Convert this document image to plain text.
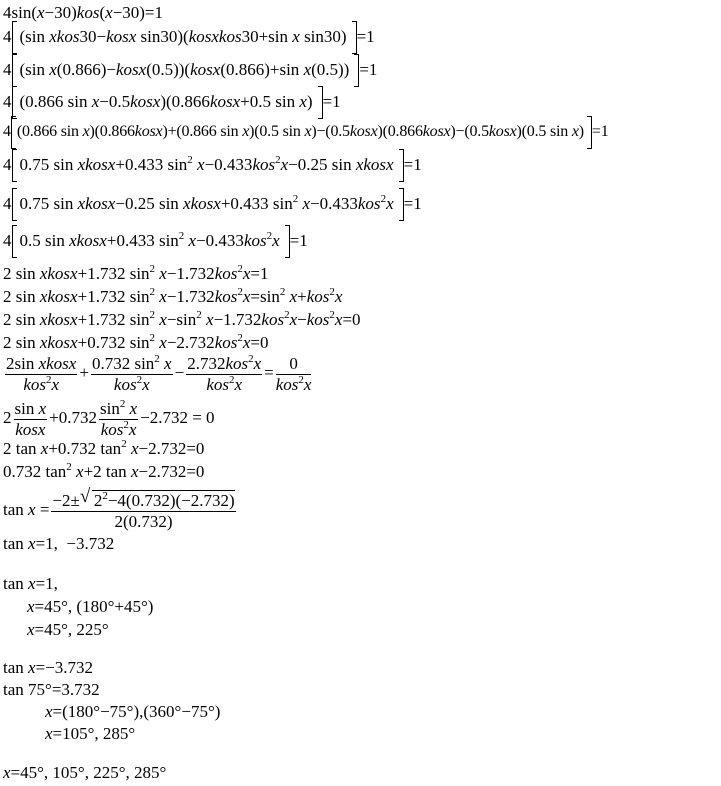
4sin(x−30)kos(x−30)=1
4 (sin xkos30−kosx sin30)(kosxkos30+sin x sin30) =1
4 (sin x(0.866)−kosx(0.5))(kosx(0.866)+sin x(0.5)) =1
4 (0.866 sin x−0.5kosx)(0.866kosx+0.5 sin x) =1
4 (0.866 sin x)(0.866kosx)+(0.866 sin x)(0.5 sin x)−(0.5kosx)(0.866kosx)−(0.5kosx)(0.5 sin x) =1
4 0.75 sin xkosx+0.433 $\sin^2 x-0.433kos^2x-0.25$ sin xkosx =1
4 0.75 sin xkosx−0.25 sin xkosx+0.433 $\sin^2 x-0.433kos^2x =1$
4 0.5 sin xkosx+0.433 $\sin^2 x-0.433kos^2x =1$
2 sin xkosx+1.732 $\sin^2 x-1.732kos^2x=1$
2 sin xkosx+1.732 $\sin^2 x-1.732kos^2x=\sin^2$ x+kos$^2$x
2 sin xkosx+1.732 $\sin^2 x-\sin^2$ x−1.732kos$^2$x−kos$^2$x=0
2 sin xkosx+0.732 $\sin^2 x-2.732kos^2x=0$
$\frac{\text{2sin xkosx}}{kos^2x} + \frac{0.732 \sin^2 x}{kos^2x} - \frac{2.732kos^2x}{kos^2x} = \frac{0}{kos^2x}$
$2 \frac{\text{sin x}}{\text{kosx}} +0.732 \frac{\sin^2 x}{kos^2x} -2.732 = 0$
2 tan x+0.732 $\tan^2 x-2.732=0$
0.732 $\tan^2 x+2$ tan x−2.732=0
$\tan x = \frac{-2\pm√ 2^2-4(0.732)(-2.732)}{2(0.732)}$
tan x=1,  −3.732
tan x=1,
x=45°, (180°+45°)
x=45°, 225°
tan x=−3.732
tan 75°=3.732
x=(180°−75°),(360°−75°)
x=105°, 285°
x=45°, 105°, 225°, 285°
